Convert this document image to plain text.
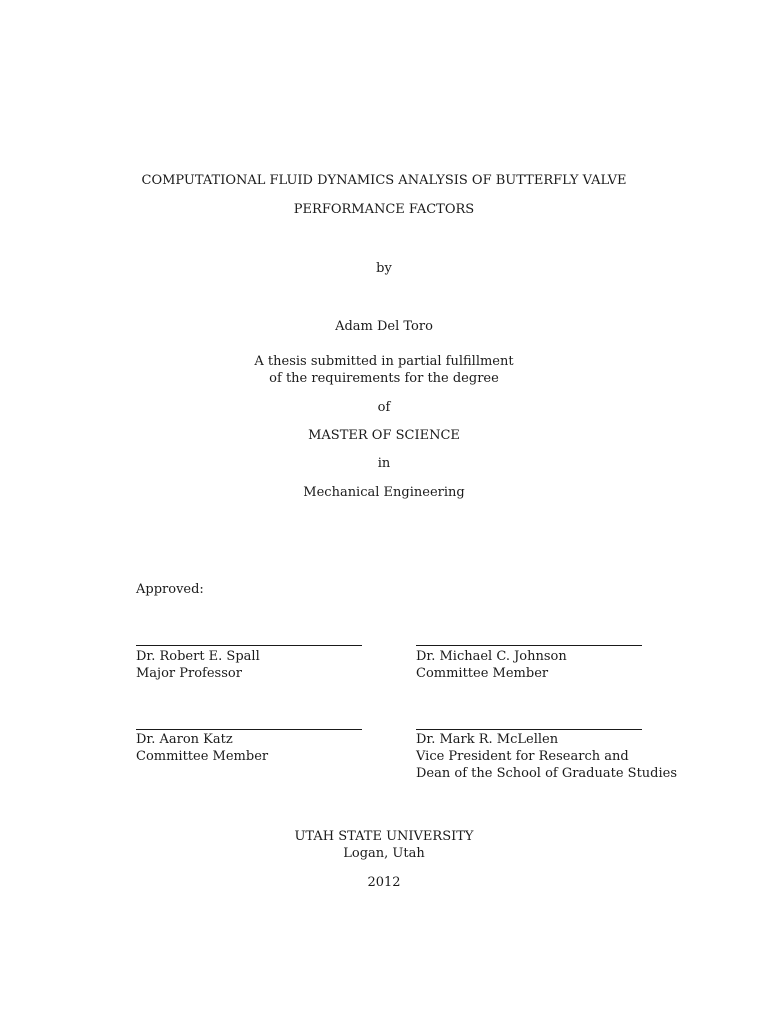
COMPUTATIONAL FLUID DYNAMICS ANALYSIS OF BUTTERFLY VALVE
PERFORMANCE FACTORS
by
Adam Del Toro
A thesis submitted in partial fulfillment
of the requirements for the degree
of
MASTER OF SCIENCE
in
Mechanical Engineering
Approved:
Dr. Robert E. Spall
Major Professor
Dr. Michael C. Johnson
Committee Member
Dr. Aaron Katz
Committee Member
Dr. Mark R. McLellen
Vice President for Research and
Dean of the School of Graduate Studies
UTAH STATE UNIVERSITY
Logan, Utah
2012
